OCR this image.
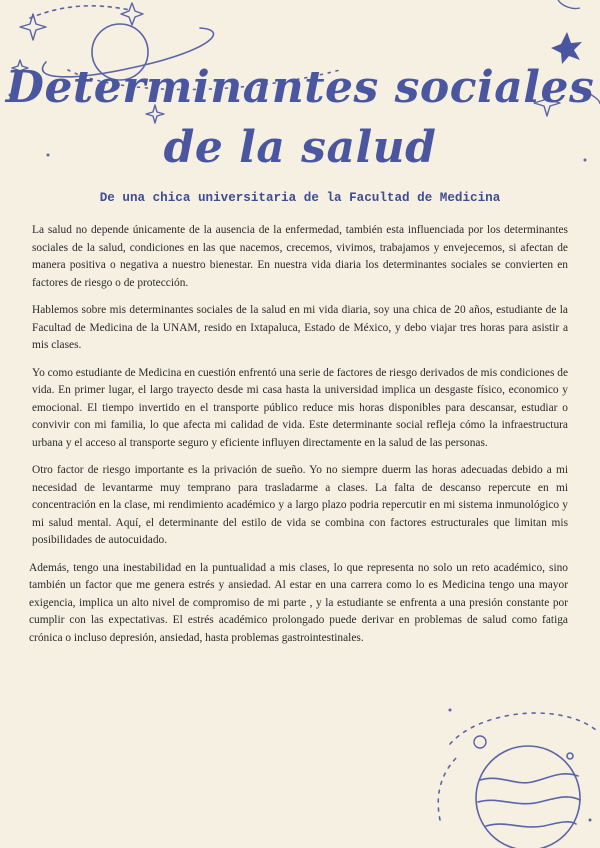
Determinantes sociales
de la salud
De una chica universitaria de la Facultad de Medicina

La salud no depende únicamente de la ausencia de la enfermedad, también esta influenciada por los determinantes sociales de la salud, condiciones en las que nacemos, crecemos, vivimos, trabajamos y envejecemos, si afectan de manera positiva o negativa a nuestro bienestar. En nuestra vida diaria los determinantes sociales se convierten en factores de riesgo o de protección.

Hablemos sobre mis determinantes sociales de la salud en mi vida diaria, soy una chica de 20 años, estudiante de la Facultad de Medicina de la UNAM, resido en Ixtapaluca, Estado de México, y debo viajar tres horas para asistir a mis clases.

Yo como estudiante de Medicina en cuestión enfrentó una serie de factores de riesgo derivados de mis condiciones de vida. En primer lugar, el largo trayecto desde mi casa hasta la universidad implica un desgaste físico, economico y emocional. El tiempo invertido en el transporte público reduce mis horas disponibles para descansar, estudiar o convivir con mi familia, lo que afecta mi calidad de vida. Este determinante social refleja cómo la infraestructura urbana y el acceso al transporte seguro y eficiente influyen directamente en la salud de las personas.

Otro factor de riesgo importante es la privación de sueño. Yo no siempre duerm las horas adecuadas debido a mi necesidad de levantarme muy temprano para trasladarme a clases. La falta de descanso repercute en mi concentración en la clase, mi rendimiento académico y a largo plazo podria repercutir en mi sistema inmunológico y mi salud mental. Aquí, el determinante del estilo de vida se combina con factores estructurales que limitan mis posibilidades de autocuidado.

Además, tengo una inestabilidad en la puntualidad a mis clases, lo que representa no solo un reto académico, sino también un factor que me genera estrés y ansiedad. Al estar en una carrera como lo es Medicina tengo una mayor exigencia, implica un alto nivel de compromiso de mi parte , y la estudiante se enfrenta a una presión constante por cumplir con las expectativas. El estrés académico prolongado puede derivar en problemas de salud como fatiga crónica o incluso depresión, ansiedad, hasta problemas gastrointestinales.
